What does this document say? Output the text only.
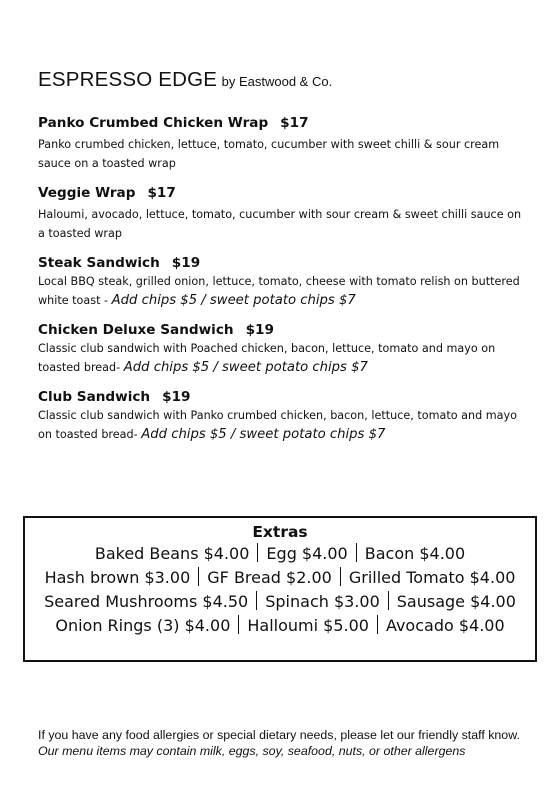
ESPRESSO EDGE by Eastwood & Co.
Panko Crumbed Chicken Wrap $17
Panko crumbed chicken, lettuce, tomato, cucumber with sweet chilli & sour cream sauce on a toasted wrap
Veggie Wrap $17
Haloumi, avocado, lettuce, tomato, cucumber with sour cream & sweet chilli sauce on a toasted wrap
Steak Sandwich $19
Local BBQ steak, grilled onion, lettuce, tomato, cheese with tomato relish on buttered white toast - Add chips $5 / sweet potato chips $7
Chicken Deluxe Sandwich $19
Classic club sandwich with Poached chicken, bacon, lettuce, tomato and mayo on toasted bread- Add chips $5 / sweet potato chips $7
Club Sandwich $19
Classic club sandwich with Panko crumbed chicken, bacon, lettuce, tomato and mayo on toasted bread- Add chips $5 / sweet potato chips $7
Extras
Baked Beans $4.00 Egg $4.00 Bacon $4.00
Hash brown $3.00 GF Bread $2.00 Grilled Tomato $4.00
Seared Mushrooms $4.50 Spinach $3.00 Sausage $4.00
Onion Rings (3) $4.00 Halloumi $5.00 Avocado $4.00
If you have any food allergies or special dietary needs, please let our friendly staff know. Our menu items may contain milk, eggs, soy, seafood, nuts, or other allergens
